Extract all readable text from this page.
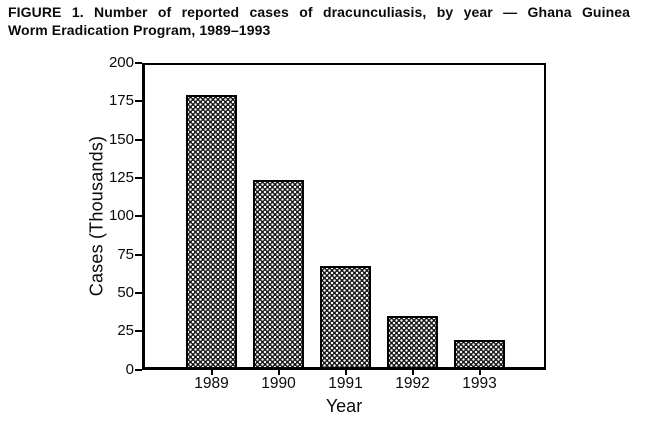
FIGURE 1. Number of reported cases of dracunculiasis, by year — Ghana Guinea
Worm Eradication Program, 1989–1993
Cases (Thousands)
Year
0
25
50
75
100
125
150
175
200
1989	1990	1991	1992	1993
